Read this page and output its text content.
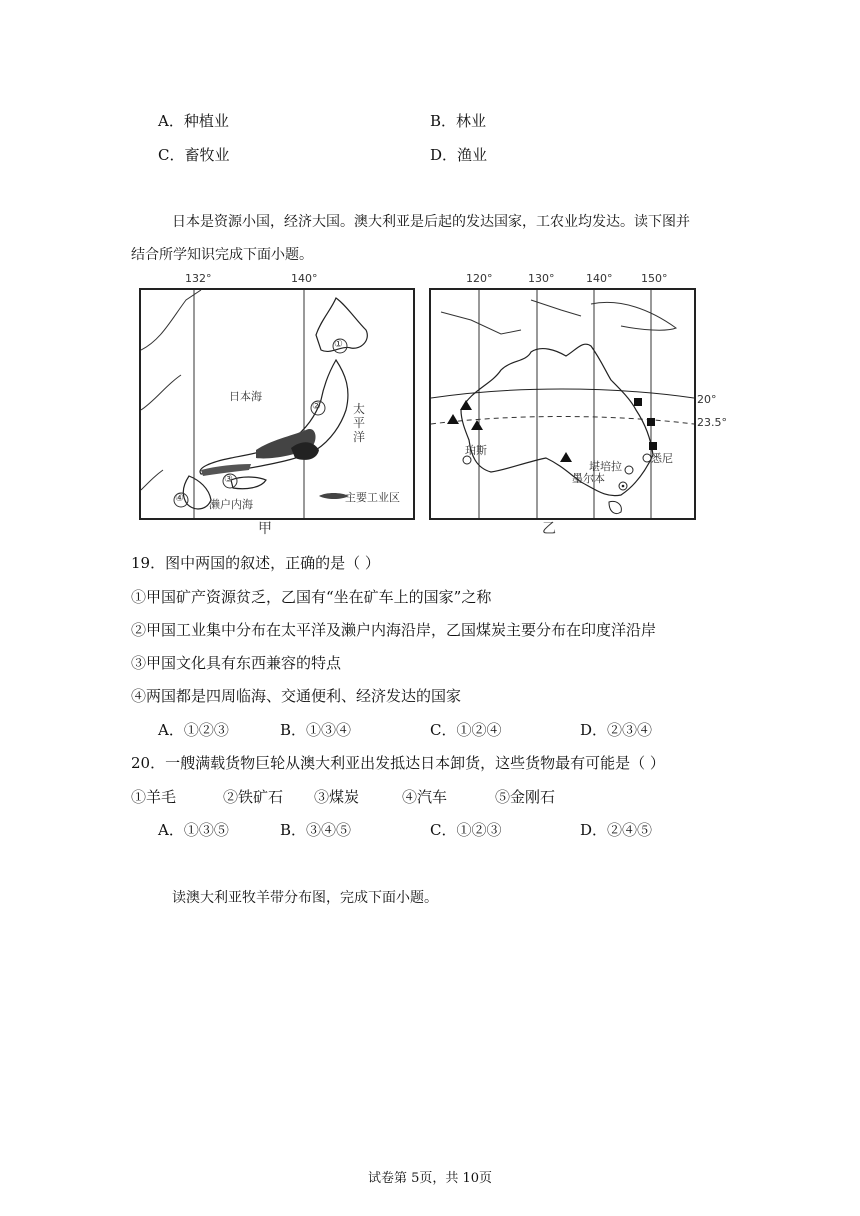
A．种植业	B．林业
C．畜牧业	D．渔业
日本是资源小国，经济大国。澳大利亚是后起的发达国家，工农业均发达。读下图并
结合所学知识完成下面小题。
132°	140°
①
②
③
④
日本海
太
平
洋
濑户内海
主要工业区
甲
120°	130°	140°	150°
珀斯
堪培拉
墨尔本
悉尼
20°
23.5°
乙
19．图中两国的叙述，正确的是（ ）
①甲国矿产资源贫乏，乙国有“坐在矿车上的国家”之称
②甲国工业集中分布在太平洋及濑户内海沿岸，乙国煤炭主要分布在印度洋沿岸
③甲国文化具有东西兼容的特点
④两国都是四周临海、交通便利、经济发达的国家
A．①②③	B．①③④	C．①②④	D．②③④
20．一艘满载货物巨轮从澳大利亚出发抵达日本卸货，这些货物最有可能是（ ）
①羊毛	②铁矿石 ③煤炭	④汽车	⑤金刚石
A．①③⑤	B．③④⑤	C．①②③	D．②④⑤
读澳大利亚牧羊带分布图，完成下面小题。
试卷第 5页，共 10页
